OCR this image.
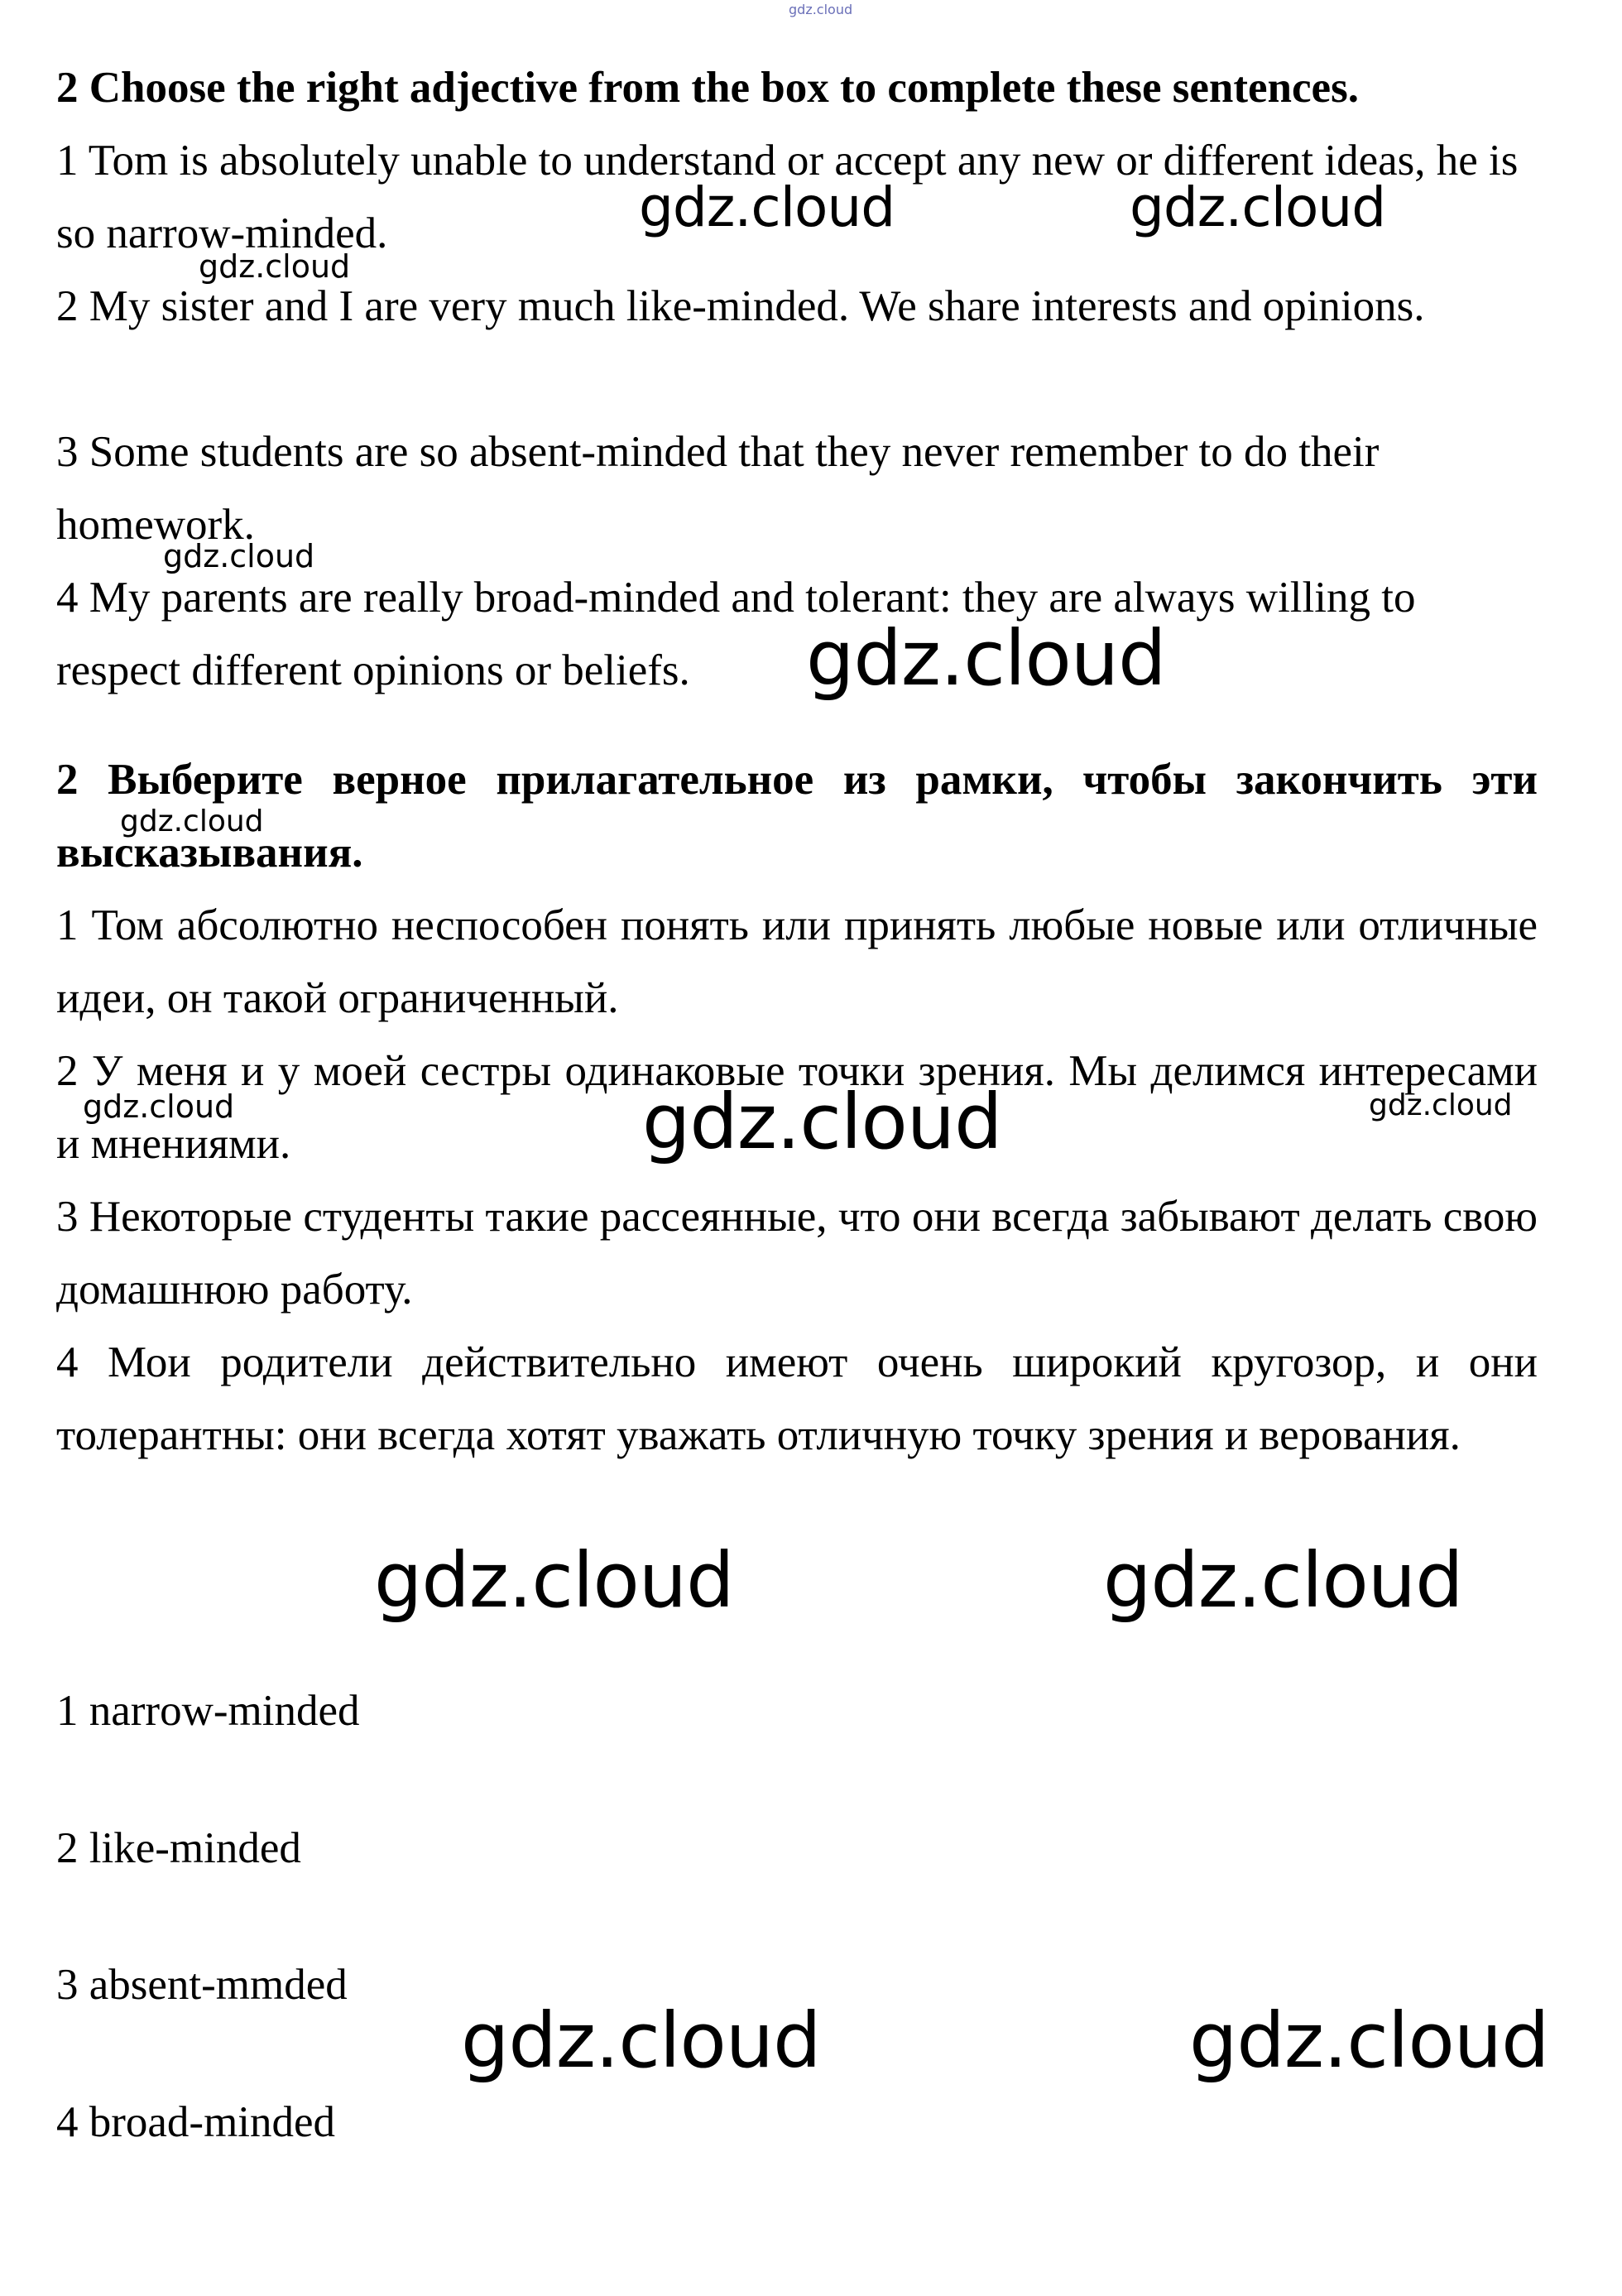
gdz.cloud

2 Choose the right adjective from the box to complete these sentences.

1 Tom is absolutely unable to understand or accept any new or different ideas, he is so narrow-minded.

2 My sister and I are very much like-minded. We share interests and opinions.

3 Some students are so absent-minded that they never remember to do their homework.

4 My parents are really broad-minded and tolerant: they are always willing to respect different opinions or beliefs.

2 Выберите верное прилагательное из рамки, чтобы закончить эти высказывания.

1 Том абсолютно неспособен понять или принять любые новые или отличные идеи, он такой ограниченный.

2 У меня и у моей сестры одинаковые точки зрения. Мы делимся интересами и мнениями.

3 Некоторые студенты такие рассеянные, что они всегда забывают делать свою домашнюю работу.

4 Мои родители действительно имеют очень широкий кругозор, и они толерантны: они всегда хотят уважать отличную точку зрения и верования.

1 narrow-minded

2 like-minded

3 absent-mmded

4 broad-minded

gdz.cloud	gdz.cloud
gdz.cloud
gdz.cloud
gdz.cloud
gdz.cloud
gdz.cloud	gdz.cloud	gdz.cloud
gdz.cloud	gdz.cloud
gdz.cloud	gdz.cloud
